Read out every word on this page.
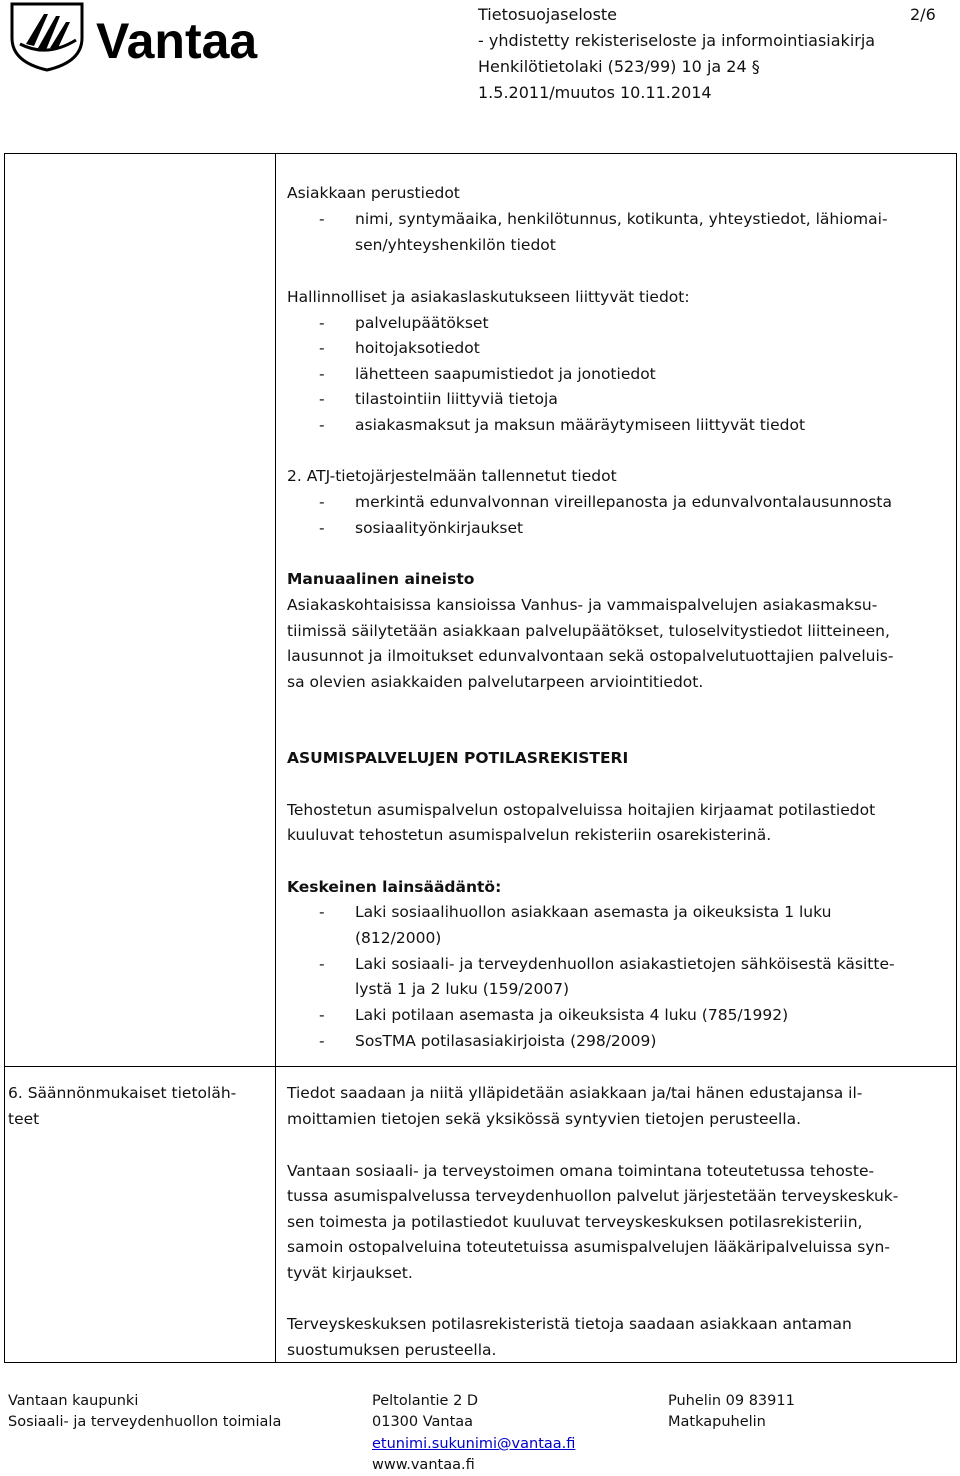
Vantaa	Tietosuojaseloste	2/6
- yhdistetty rekisteriseloste ja informointiasiakirja
Henkilötietolaki (523/99) 10 ja 24 §
1.5.2011/muutos 10.11.2014
Asiakkaan perustiedot
- nimi, syntymäaika, henkilötunnus, kotikunta, yhteystiedot, lähiomai-
sen/yhteyshenkilön tiedot
Hallinnolliset ja asiakaslaskutukseen liittyvät tiedot:
- palvelupäätökset
- hoitojaksotiedot
- lähetteen saapumistiedot ja jonotiedot
- tilastointiin liittyviä tietoja
- asiakasmaksut ja maksun määräytymiseen liittyvät tiedot
2. ATJ-tietojärjestelmään tallennetut tiedot
- merkintä edunvalvonnan vireillepanosta ja edunvalvontalausunnosta
- sosiaalityönkirjaukset
Manuaalinen aineisto
Asiakaskohtaisissa kansioissa Vanhus- ja vammaispalvelujen asiakasmaksu-
tiimissä säilytetään asiakkaan palvelupäätökset, tuloselvitystiedot liitteineen,
lausunnot ja ilmoitukset edunvalvontaan sekä ostopalvelutuottajien palveluis-
sa olevien asiakkaiden palvelutarpeen arviointitiedot.
ASUMISPALVELUJEN POTILASREKISTERI
Tehostetun asumispalvelun ostopalveluissa hoitajien kirjaamat potilastiedot
kuuluvat tehostetun asumispalvelun rekisteriin osarekisterinä.
Keskeinen lainsäädäntö:
- Laki sosiaalihuollon asiakkaan asemasta ja oikeuksista 1 luku
(812/2000)
- Laki sosiaali- ja terveydenhuollon asiakastietojen sähköisestä käsitte-
lystä 1 ja 2 luku (159/2007)
- Laki potilaan asemasta ja oikeuksista 4 luku (785/1992)
- SosTMA potilasasiakirjoista (298/2009)
6. Säännönmukaiset tietoläh-
teet
Tiedot saadaan ja niitä ylläpidetään asiakkaan ja/tai hänen edustajansa il-
moittamien tietojen sekä yksikössä syntyvien tietojen perusteella.
Vantaan sosiaali- ja terveystoimen omana toimintana toteutetussa tehoste-
tussa asumispalvelussa terveydenhuollon palvelut järjestetään terveyskeskuk-
sen toimesta ja potilastiedot kuuluvat terveyskeskuksen potilasrekisteriin,
samoin ostopalveluina toteutetuissa asumispalvelujen lääkäripalveluissa syn-
tyvät kirjaukset.
Terveyskeskuksen potilasrekisteristä tietoja saadaan asiakkaan antaman
suostumuksen perusteella.
Vantaan kaupunki
Sosiaali- ja terveydenhuollon toimiala
Peltolantie 2 D
01300 Vantaa
etunimi.sukunimi@vantaa.fi
www.vantaa.fi
Puhelin 09 83911
Matkapuhelin
